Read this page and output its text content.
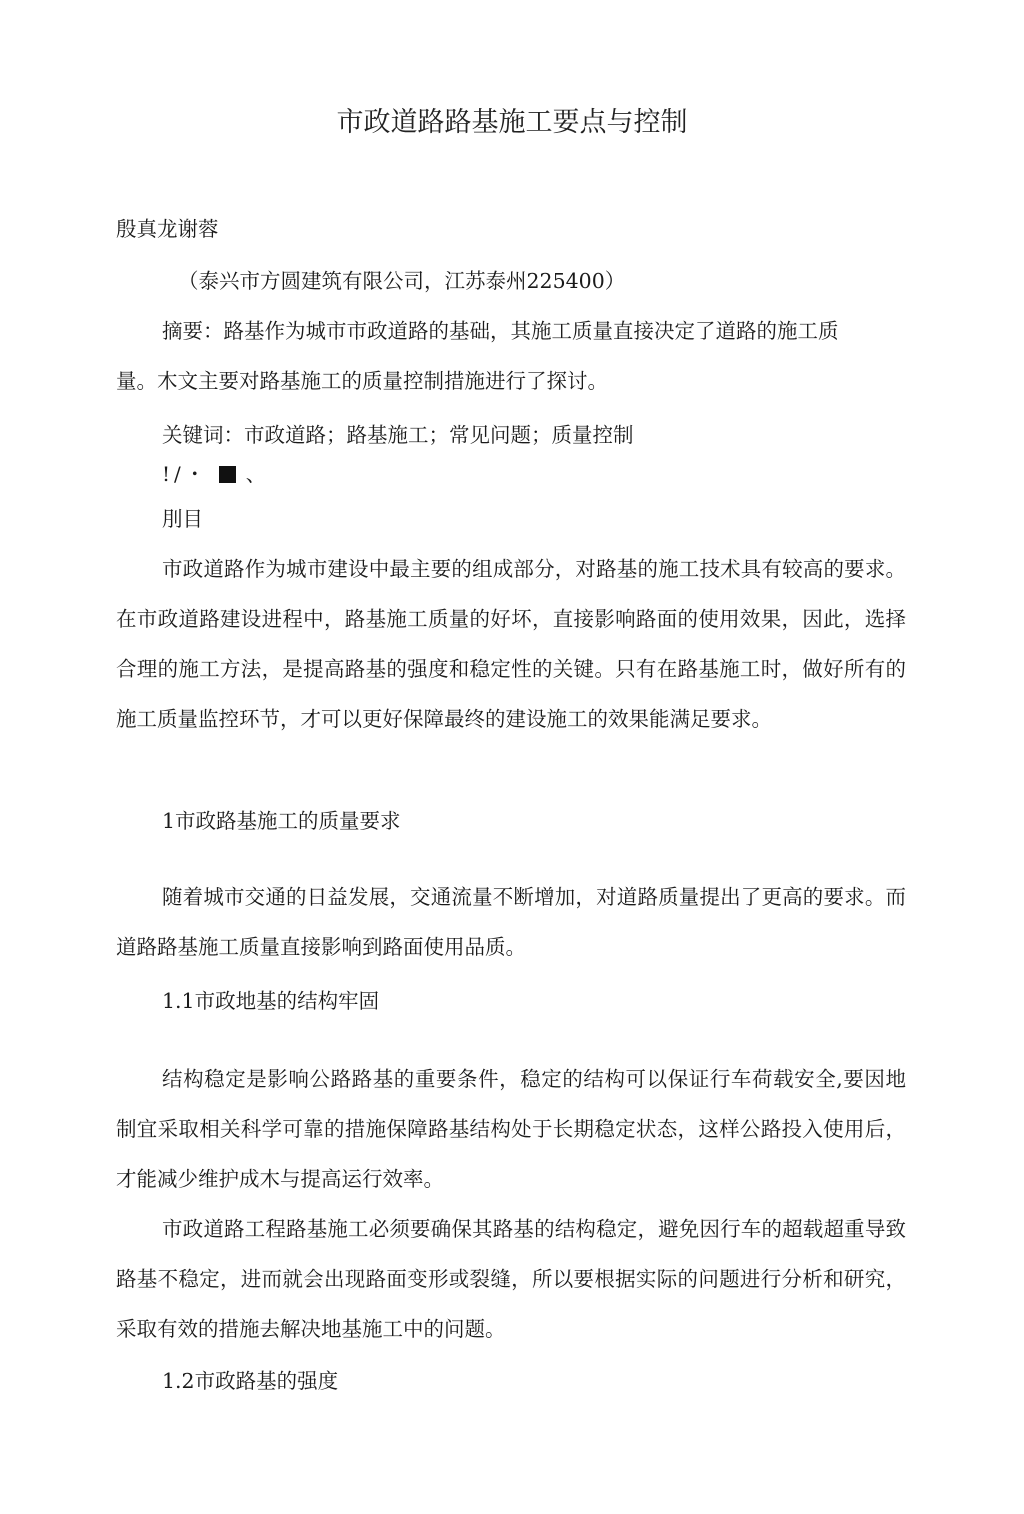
市政道路路基施工要点与控制
殷真龙谢蓉
（泰兴市方圆建筑有限公司，江苏泰州225400）
摘要：路基作为城市市政道路的基础，其施工质量直接决定了道路的施工质
量。木文主要对路基施工的质量控制措施进行了探讨。
关键词：市政道路；路基施工；常见问题；质量控制
!/・ 、
刖目
市政道路作为城市建设中最主要的组成部分，对路基的施工技术具有较高的要求。在市政道路建设进程中，路基施工质量的好坏，直接影响路面的使用效果，因此，选择合理的施工方法，是提高路基的强度和稳定性的关键。只有在路基施工时，做好所有的施工质量监控环节，才可以更好保障最终的建设施工的效果能满足要求。
1市政路基施工的质量要求
随着城市交通的日益发展，交通流量不断增加，对道路质量提出了更高的要求。而道路路基施工质量直接影响到路面使用品质。
1.1市政地基的结构牢固
结构稳定是影响公路路基的重要条件，稳定的结构可以保证行车荷载安全,要因地制宜采取相关科学可靠的措施保障路基结构处于长期稳定状态，这样公路投入使用后，才能减少维护成木与提高运行效率。
市政道路工程路基施工必须要确保其路基的结构稳定，避免因行车的超载超重导致路基不稳定，进而就会出现路面变形或裂缝，所以要根据实际的问题进行分析和研究，采取有效的措施去解决地基施工中的问题。
1.2市政路基的强度
